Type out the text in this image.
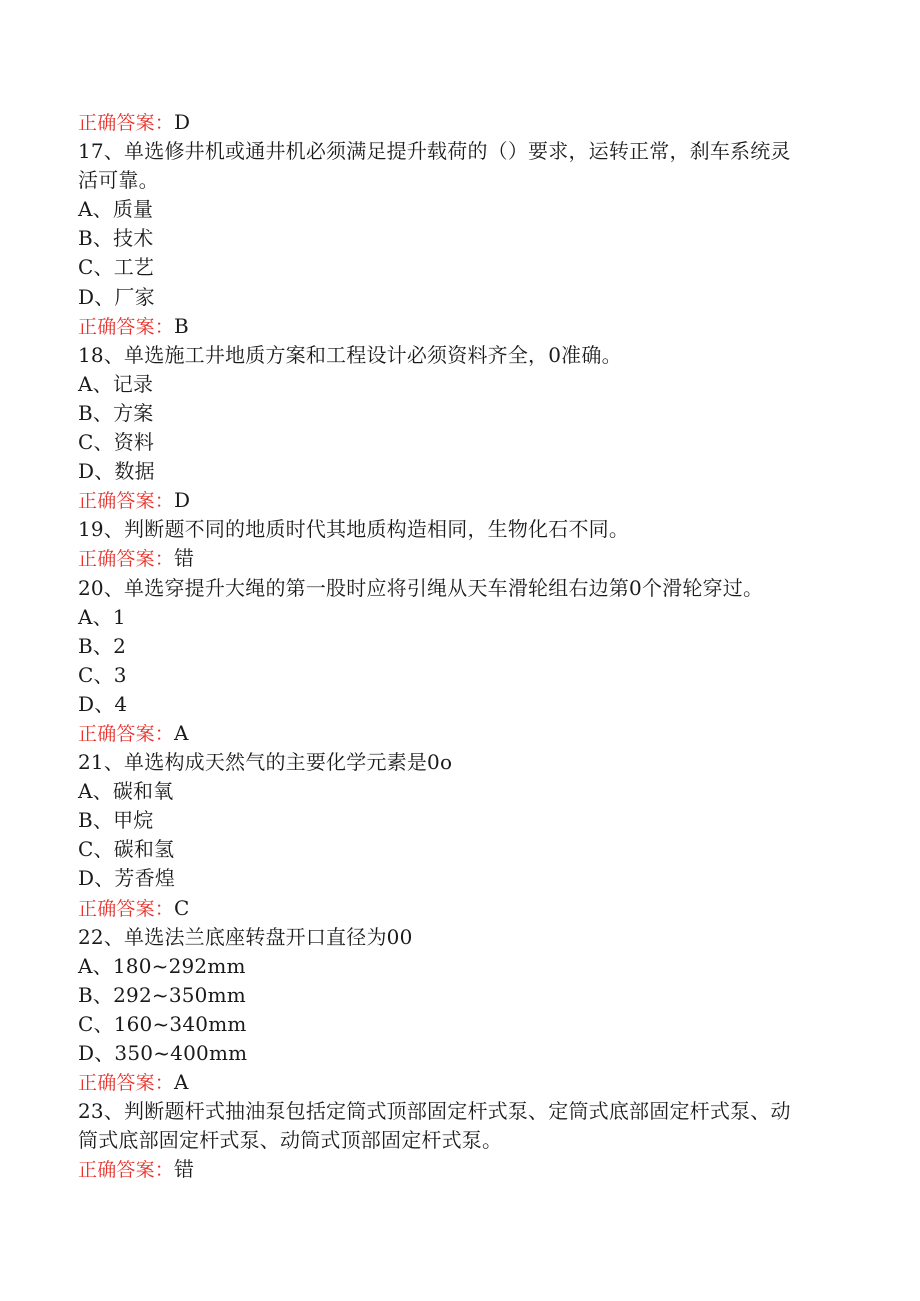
正确答案：D
17、单选修井机或通井机必须满足提升载荷的（）要求，运转正常，刹车系统灵活可靠。
A、质量
B、技术
C、工艺
D、厂家
正确答案：B
18、单选施工井地质方案和工程设计必须资料齐全，0准确。
A、记录
B、方案
C、资料
D、数据
正确答案：D
19、判断题不同的地质时代其地质构造相同，生物化石不同。
正确答案：错
20、单选穿提升大绳的第一股时应将引绳从天车滑轮组右边第0个滑轮穿过。
A、1
B、2
C、3
D、4
正确答案：A
21、单选构成天然气的主要化学元素是0o
A、碳和氧
B、甲烷
C、碳和氢
D、芳香煌
正确答案：C
22、单选法兰底座转盘开口直径为00
A、180~292mm
B、292~350mm
C、160~340mm
D、350~400mm
正确答案：A
23、判断题杆式抽油泵包括定筒式顶部固定杆式泵、定筒式底部固定杆式泵、动筒式底部固定杆式泵、动筒式顶部固定杆式泵。
正确答案：错
